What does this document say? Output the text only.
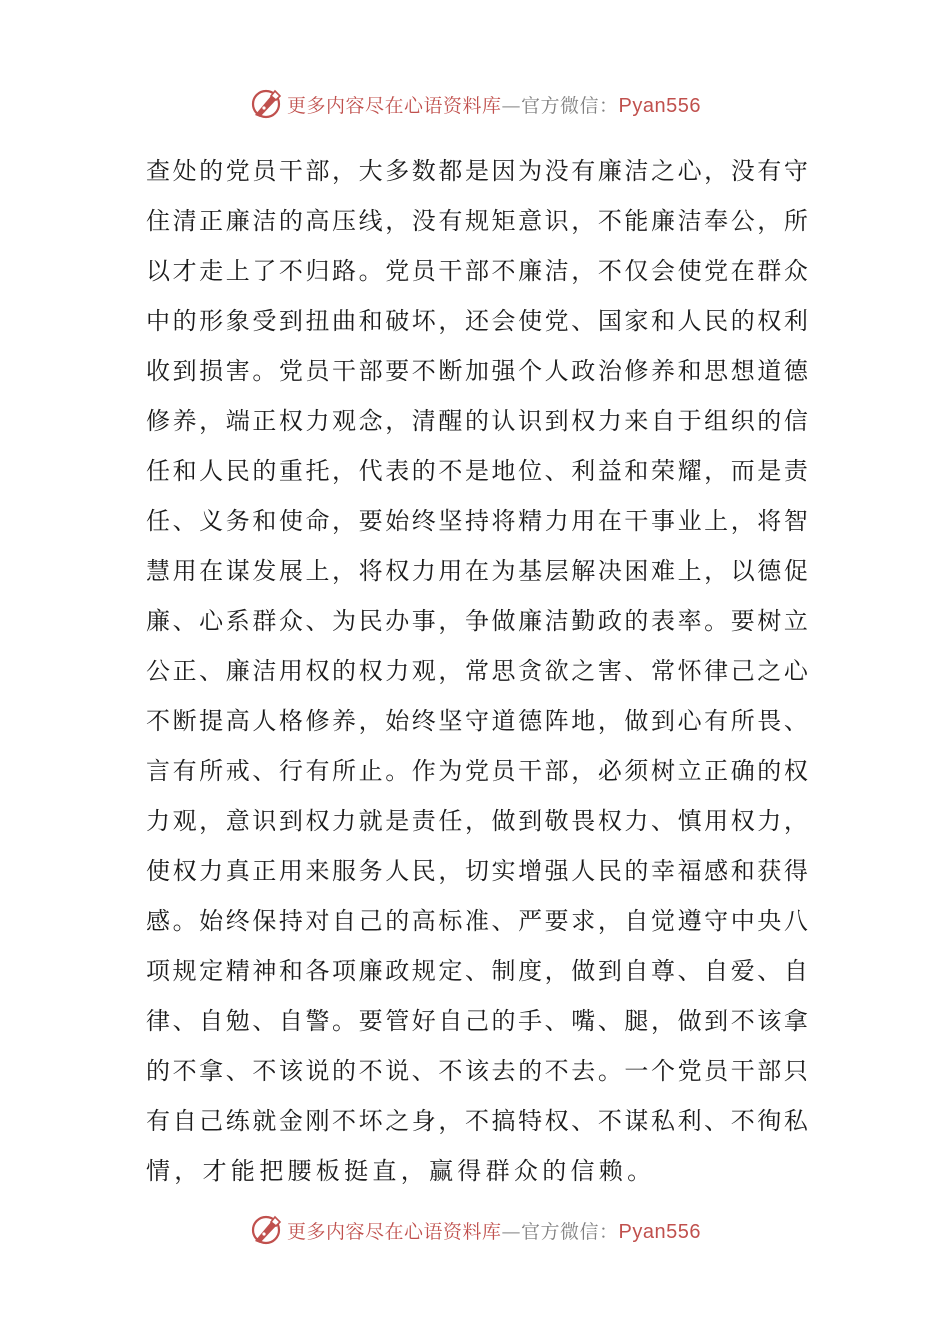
更多内容尽在心语资料库—官方微信：Pyan556
查 处 的 党 员 干 部 ， 大 多 数 都 是 因 为 没 有 廉 洁 之 心 ， 没 有 守
住 清 正 廉 洁 的 高 压 线 ， 没 有 规 矩 意 识 ， 不 能 廉 洁 奉 公 ， 所
以 才 走 上 了 不 归 路 。 党 员 干 部 不 廉 洁 ， 不 仅 会 使 党 在 群 众
中 的 形 象 受 到 扭 曲 和 破 坏 ， 还 会 使 党 、 国 家 和 人 民 的 权 利
收 到 损 害 。 党 员 干 部 要 不 断 加 强 个 人 政 治 修 养 和 思 想 道 德
修 养 ， 端 正 权 力 观 念 ， 清 醒 的 认 识 到 权 力 来 自 于 组 织 的 信
任 和 人 民 的 重 托 ， 代 表 的 不 是 地 位 、 利 益 和 荣 耀 ， 而 是 责
任 、 义 务 和 使 命 ， 要 始 终 坚 持 将 精 力 用 在 干 事 业 上 ， 将 智
慧 用 在 谋 发 展 上 ， 将 权 力 用 在 为 基 层 解 决 困 难 上 ， 以 德 促
廉 、 心 系 群 众 、 为 民 办 事 ， 争 做 廉 洁 勤 政 的 表 率 。 要 树 立
公 正 、 廉 洁 用 权 的 权 力 观 ， 常 思 贪 欲 之 害 、 常 怀 律 己 之 心
不 断 提 高 人 格 修 养 ， 始 终 坚 守 道 德 阵 地 ， 做 到 心 有 所 畏 、
言 有 所 戒 、 行 有 所 止 。 作 为 党 员 干 部 ， 必 须 树 立 正 确 的 权
力 观 ， 意 识 到 权 力 就 是 责 任 ， 做 到 敬 畏 权 力 、 慎 用 权 力 ，
使 权 力 真 正 用 来 服 务 人 民 ， 切 实 增 强 人 民 的 幸 福 感 和 获 得
感 。 始 终 保 持 对 自 己 的 高 标 准 、 严 要 求 ， 自 觉 遵 守 中 央 八
项 规 定 精 神 和 各 项 廉 政 规 定 、 制 度 ， 做 到 自 尊 、 自 爱 、 自
律 、 自 勉 、 自 警 。 要 管 好 自 己 的 手 、 嘴 、 腿 ， 做 到 不 该 拿
的 不 拿 、 不 该 说 的 不 说 、 不 该 去 的 不 去 。 一 个 党 员 干 部 只
有 自 己 练 就 金 刚 不 坏 之 身 ， 不 搞 特 权 、 不 谋 私 利 、 不 徇 私
情，才能把腰板挺直，赢得群众的信赖。
更多内容尽在心语资料库—官方微信：Pyan556
